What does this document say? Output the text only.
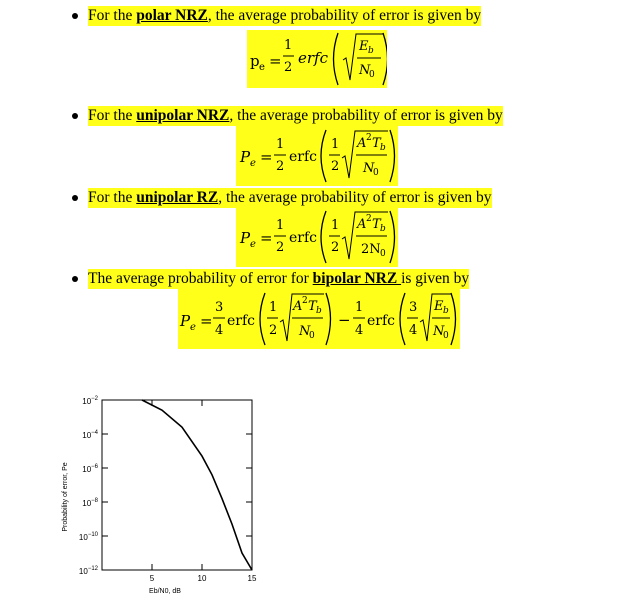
For the polar NRZ, the average probability of error is given by
For the unipolar NRZ, the average probability of error is given by
For the unipolar RZ, the average probability of error is given by
The average probability of error for bipolar NRZ is given by
p e =
1
2
erfc
E b
N
0
P e =
1
2
erfc
1
2
A 2 T b
N
0
P e =
1
2
erfc
1
2
A 2 T b
2N 0
P e =
3
4
erfc
1
2
A 2 T b
N
0
−
1
4
erfc
3
4
E b
N
0
$10^{-2}$
$10^{-4}$
$10^{-6}$
$10^{-8}$
$10^{-10}$
$10^{-12}$
5	10	15
Eb/N0, dB
Probability of error, Pe
